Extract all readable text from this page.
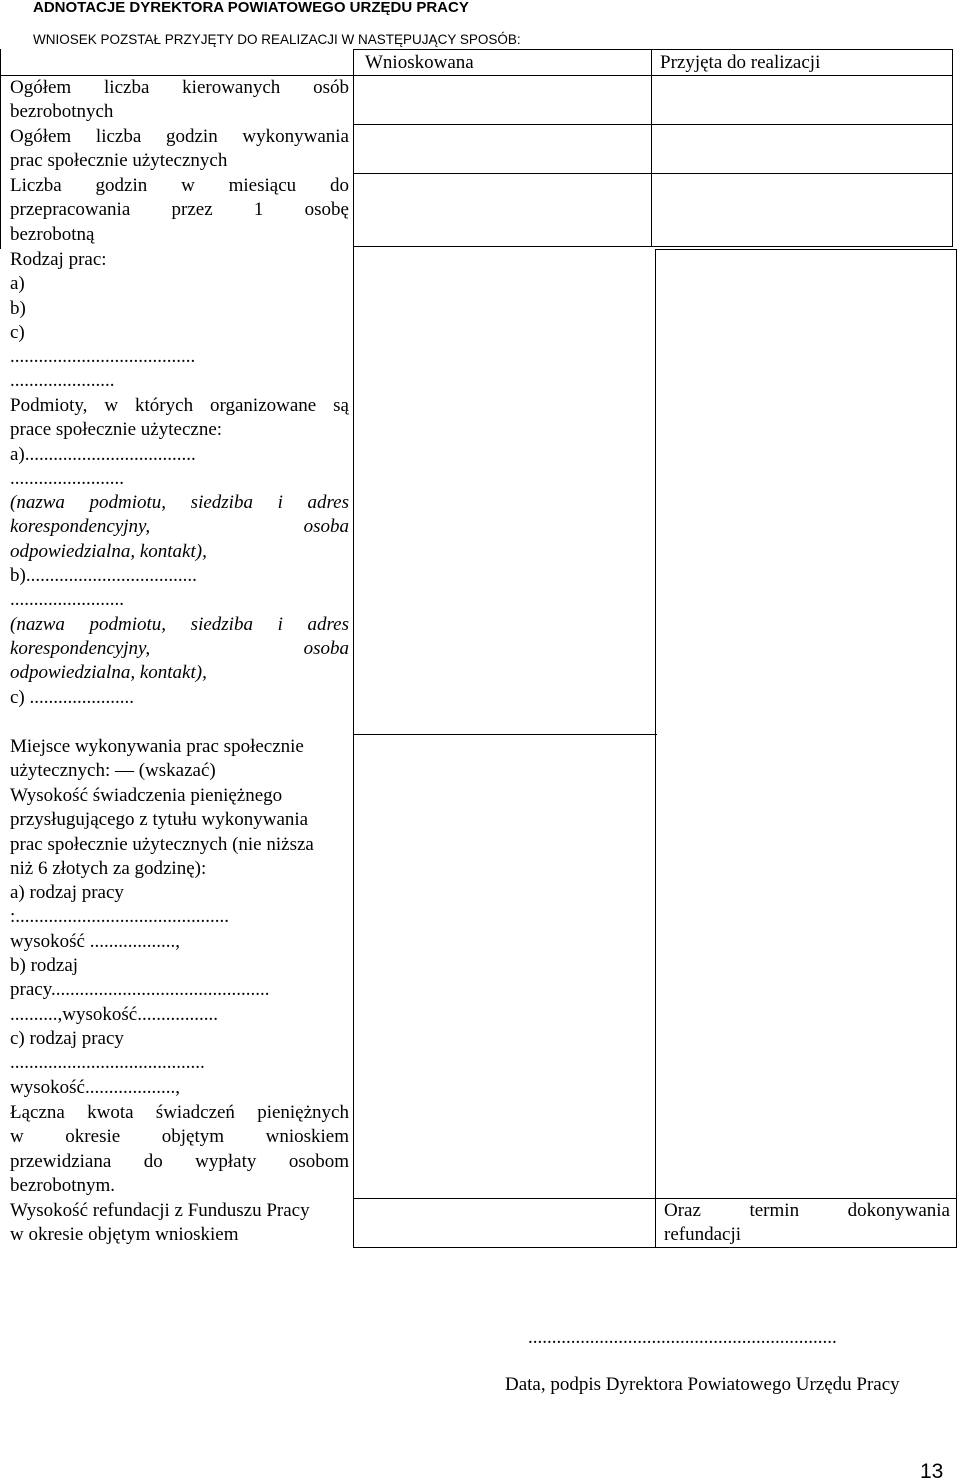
ADNOTACJE DYREKTORA POWIATOWEGO URZĘDU PRACY
WNIOSEK POZSTAŁ PRZYJĘTY DO REALIZACJI W NASTĘPUJĄCY SPOSÓB:
Wnioskowana	Przyjęta do realizacji
Ogółem liczba kierowanych osób
bezrobotnych
Ogółem liczba godzin wykonywania
prac społecznie użytecznych
Liczba godzin w miesiącu do
przepracowania przez 1 osobę
bezrobotną
Rodzaj prac:
a)
b)
c)
.......................................
......................
Podmioty, w których organizowane są
prace społecznie użyteczne:
a)....................................
........................
(nazwa podmiotu, siedziba i adres
korespondencyjny, osoba
odpowiedzialna, kontakt),
b)....................................
........................
(nazwa podmiotu, siedziba i adres
korespondencyjny, osoba
odpowiedzialna, kontakt),
c) ......................
Miejsce wykonywania prac społecznie
użytecznych: ― (wskazać)
Wysokość świadczenia pieniężnego
przysługującego z tytułu wykonywania
prac społecznie użytecznych (nie niższa
niż 6 złotych za godzinę):
a) rodzaj pracy
:.............................................
wysokość ..................,
b) rodzaj
pracy..............................................
..........,wysokość.................
c) rodzaj pracy
.........................................
wysokość...................,
Łączna kwota świadczeń pieniężnych
w okresie objętym wnioskiem
przewidziana do wypłaty osobom
bezrobotnym.
Wysokość refundacji z Funduszu Pracy
w okresie objętym wnioskiem
Oraz termin dokonywania
refundacji
.................................................................
Data, podpis Dyrektora Powiatowego Urzędu Pracy
13
